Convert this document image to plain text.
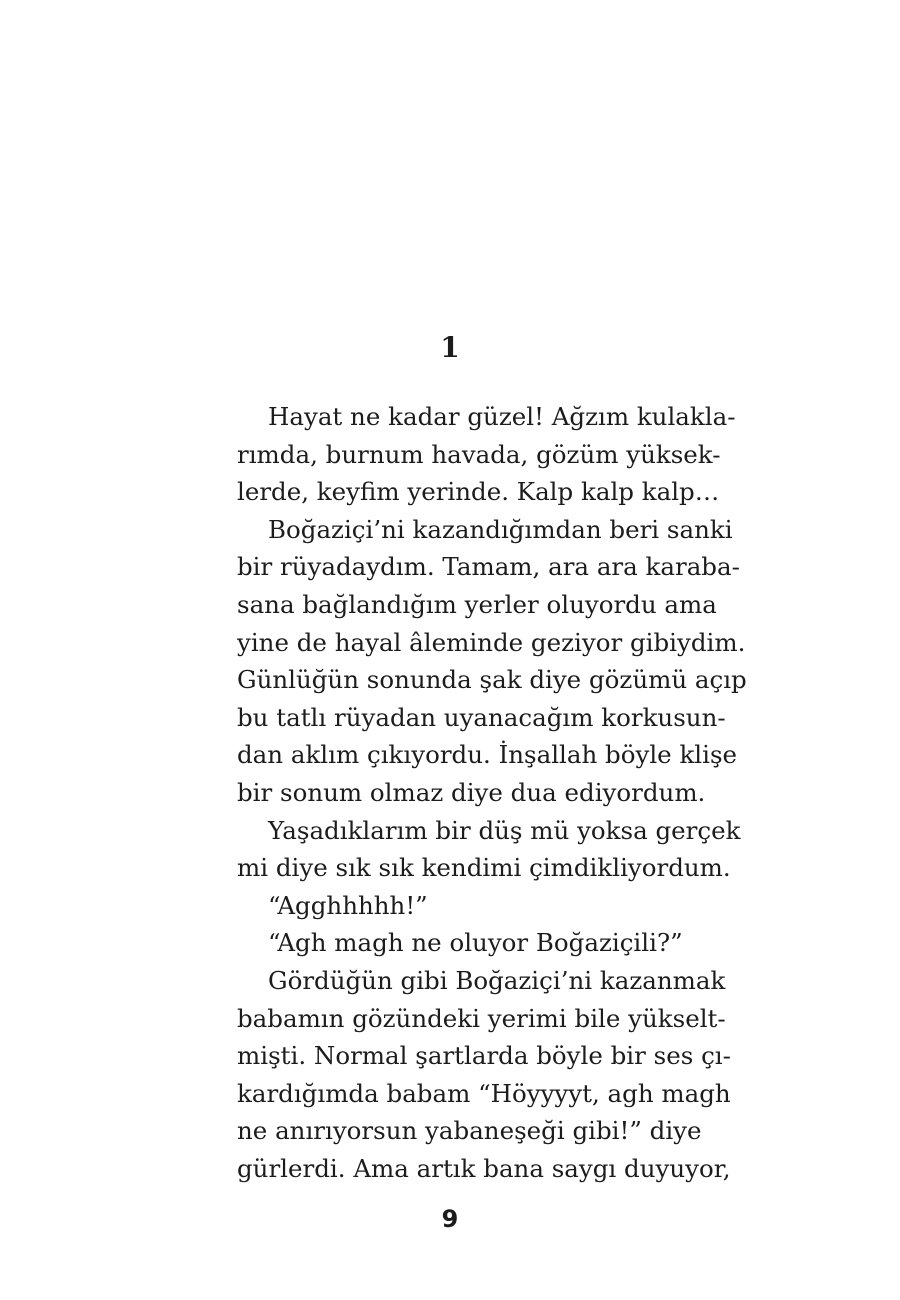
1
Hayat ne kadar güzel! Ağzım kulakla-
rımda, burnum havada, gözüm yüksek-
lerde, keyfim yerinde. Kalp kalp kalp…
Boğaziçi’ni kazandığımdan beri sanki
bir rüyadaydım. Tamam, ara ara karaba-
sana bağlandığım yerler oluyordu ama
yine de hayal âleminde geziyor gibiydim.
Günlüğün sonunda şak diye gözümü açıp
bu tatlı rüyadan uyanacağım korkusun-
dan aklım çıkıyordu. İnşallah böyle klişe
bir sonum olmaz diye dua ediyordum.
Yaşadıklarım bir düş mü yoksa gerçek
mi diye sık sık kendimi çimdikliyordum.
“Agghhhhh!”
“Agh magh ne oluyor Boğaziçili?”
Gördüğün gibi Boğaziçi’ni kazanmak
babamın gözündeki yerimi bile yükselt-
mişti. Normal şartlarda böyle bir ses çı-
kardığımda babam “Höyyyyt, agh magh
ne anırıyorsun yabaneşeği gibi!” diye
gürlerdi. Ama artık bana saygı duyuyor,
9
